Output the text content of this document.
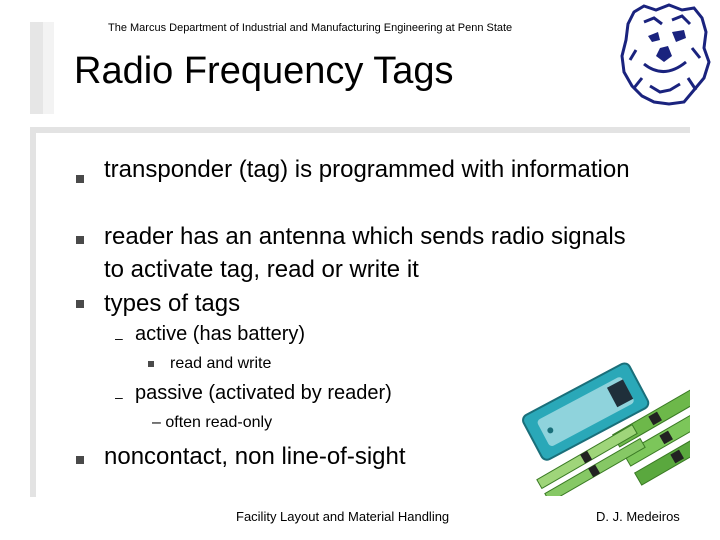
The Marcus Department of Industrial and Manufacturing Engineering at Penn State
Radio Frequency Tags
transponder (tag) is programmed with information
reader has an antenna which sends radio signals to activate tag, read or write it
types of tags
– active (has battery)
read and write
– passive (activated by reader)
– often read-only
noncontact, non line-of-sight
Facility Layout and Material Handling	D. J. Medeiros
